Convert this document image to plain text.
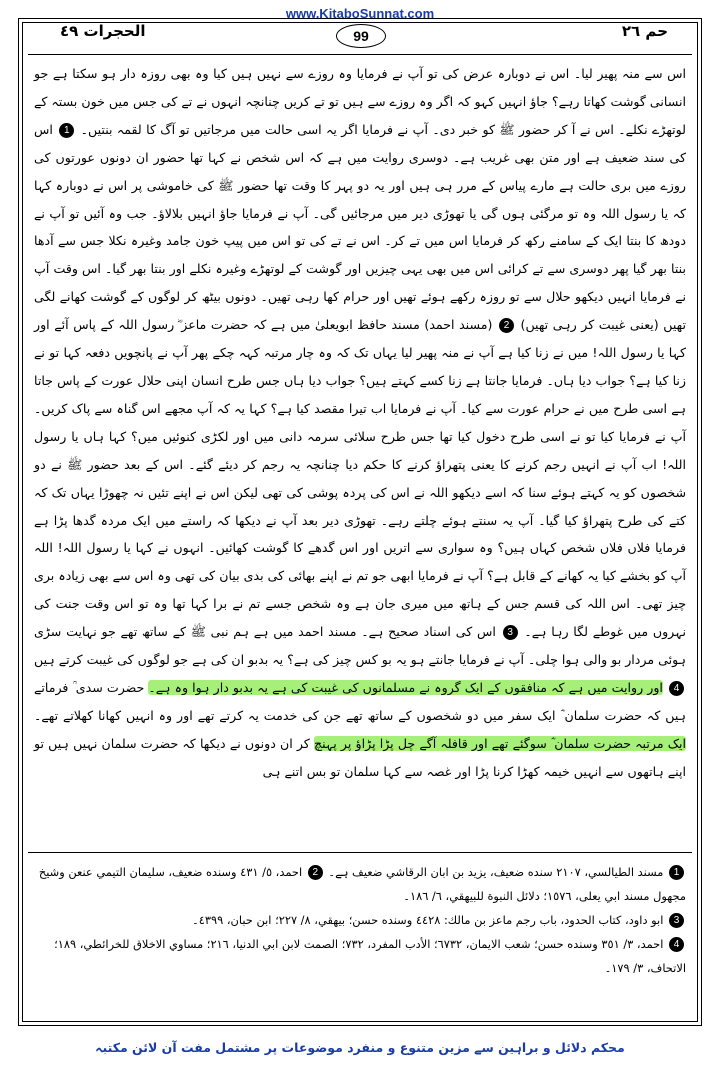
www.KitaboSunnat.com
حم ٢٦
99
الحجرات ٤٩

اس سے منہ پھیر لیا۔ اس نے دوبارہ عرض کی تو آپ نے فرمایا وہ روزے سے نہیں ہیں کیا وہ بھی روزہ دار ہو سکتا ہے جو انسانی گوشت کھاتا رہے؟ جاؤ انہیں کہو کہ اگر وہ روزے سے ہیں تو تے کریں چنانچہ انہوں نے تے کی جس میں خون بستہ کے لوتھڑے نکلے۔ اس نے آ کر حضور ﷺ کو خبر دی۔ آپ نے فرمایا اگر یہ اسی حالت میں مرجاتیں تو آگ کا لقمہ بنتیں۔ 1 اس کی سند ضعیف ہے اور متن بھی غریب ہے۔ دوسری روایت میں ہے کہ اس شخص نے کہا تھا حضور ان دونوں عورتوں کی روزے میں بری حالت ہے مارے پیاس کے مرر ہی ہیں اور یہ دو پہر کا وقت تھا حضور ﷺ کی خاموشی پر اس نے دوبارہ کہا کہ یا رسول اللہ وہ تو مرگئی ہوں گی یا تھوڑی دیر میں مرجائیں گی۔ آپ نے فرمایا جاؤ انہیں بلالاؤ۔ جب وہ آئیں تو آپ نے دودھ کا بنتا ایک کے سامنے رکھ کر فرمایا اس میں تے کر۔ اس نے تے کی تو اس میں پیپ خون جامد وغیرہ نکلا جس سے آدھا بنتا بھر گیا پھر دوسری سے تے کرائی اس میں بھی یہی چیزیں اور گوشت کے لوتھڑے وغیرہ نکلے اور بنتا بھر گیا۔ اس وقت آپ نے فرمایا انہیں دیکھو حلال سے تو روزہ رکھے ہوئے تھیں اور حرام کھا رہی تھیں۔ دونوں بیٹھ کر لوگوں کے گوشت کھانے لگی تھیں (یعنی غیبت کر رہی تھیں) 2 (مسند احمد) مسند حافظ ابویعلیٰ میں ہے کہ حضرت ماعز ؓ رسول اللہ کے پاس آئے اور کہا یا رسول اللہ! میں نے زنا کیا ہے آپ نے منہ پھیر لیا یہاں تک کہ وہ چار مرتبہ کہہ چکے پھر آپ نے پانچویں دفعہ کہا تو نے زنا کیا ہے؟ جواب دیا ہاں۔ فرمایا جانتا ہے زنا کسے کہتے ہیں؟ جواب دیا ہاں جس طرح انسان اپنی حلال عورت کے پاس جاتا ہے اسی طرح میں نے حرام عورت سے کیا۔ آپ نے فرمایا اب تیرا مقصد کیا ہے؟ کہا یہ کہ آپ مجھے اس گناہ سے پاک کریں۔ آپ نے فرمایا کیا تو نے اسی طرح دخول کیا تھا جس طرح سلائی سرمہ دانی میں اور لکڑی کنوئیں میں؟ کہا ہاں یا رسول اللہ! اب آپ نے انہیں رجم کرنے کا یعنی پتھراؤ کرنے کا حکم دیا چنانچہ یہ رجم کر دیئے گئے۔ اس کے بعد حضور ﷺ نے دو شخصوں کو یہ کہتے ہوئے سنا کہ اسے دیکھو اللہ نے اس کی پردہ پوشی کی تھی لیکن اس نے اپنے تئیں نہ چھوڑا یہاں تک کہ کتے کی طرح پتھراؤ کیا گیا۔ آپ یہ سنتے ہوئے چلتے رہے۔ تھوڑی دیر بعد آپ نے دیکھا کہ راستے میں ایک مردہ گدھا پڑا ہے فرمایا فلاں فلاں شخص کہاں ہیں؟ وہ سواری سے اتریں اور اس گدھے کا گوشت کھائیں۔ انہوں نے کہا یا رسول اللہ! اللہ آپ کو بخشے کیا یہ کھانے کے قابل ہے؟ آپ نے فرمایا ابھی جو تم نے اپنے بھائی کی بدی بیان کی تھی وہ اس سے بھی زیادہ بری چیز تھی۔ اس اللہ کی قسم جس کے ہاتھ میں میری جان ہے وہ شخص جسے تم نے برا کہا تھا وہ تو اس وقت جنت کی نہروں میں غوطے لگا رہا ہے۔ 3 اس کی اسناد صحیح ہے۔ مسند احمد میں ہے ہم نبی ﷺ کے ساتھ تھے جو نہایت سڑی ہوئی مردار بو والی ہوا چلی۔ آپ نے فرمایا جانتے ہو یہ بو کس چیز کی ہے؟ یہ بدبو ان کی ہے جو لوگوں کی غیبت کرتے ہیں 4 اور روایت میں ہے کہ منافقوں کے ایک گروہ نے مسلمانوں کی غیبت کی ہے یہ بدبو دار ہوا وہ ہے۔ حضرت سدی ؒ فرماتے ہیں کہ حضرت سلمان ؓ ایک سفر میں دو شخصوں کے ساتھ تھے جن کی خدمت یہ کرتے تھے اور وہ انہیں کھانا کھلاتے تھے۔ ایک مرتبہ حضرت سلمان ؓ سوگئے تھے اور قافلہ آگے چل پڑا پڑاؤ پر پہنچ کر ان دونوں نے دیکھا کہ حضرت سلمان نہیں ہیں تو اپنے ہاتھوں سے انہیں خیمہ کھڑا کرنا پڑا اور غصہ سے کہا سلمان تو بس اتنے ہی

1 مسند الطيالسي، ٢١٠٧ سنده ضعيف، يزيد بن ابان الرقاشي ضعيف ہے۔ 2 احمد، ٥/ ٤٣١ وسنده ضعيف، سليمان التيمي عنعن وشيخ مجهول مسند ابي يعلى، ١٥٧٦؛ دلائل النبوة للبيهقي، ٦/ ١٨٦۔

3 ابو داود، كتاب الحدود، باب رجم ماعز بن مالك: ٤٤٢٨ وسنده حسن؛ بيهقي، ٨/ ٢٢٧؛ ابن حبان، ٤٣٩٩۔

4 احمد، ٣/ ٣٥١ وسنده حسن؛ شعب الايمان، ٦٧٣٢؛ الأدب المفرد، ٧٣٢؛ الصمت لابن ابي الدنيا، ٢١٦؛ مساوي الاخلاق للخرائطي، ١٨٩؛ الاتحاف، ٣/ ١٧٩۔

محکم دلائل و براہین سے مزین متنوع و منفرد موضوعات پر مشتمل مفت آن لائن مکتبہ
